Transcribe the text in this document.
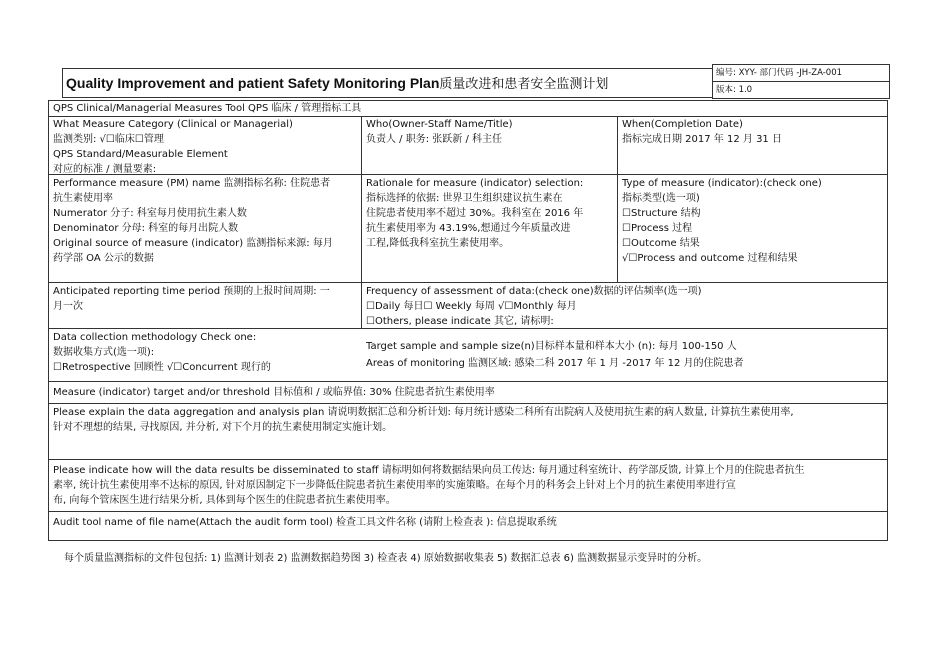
Quality Improvement and patient Safety Monitoring Plan质量改进和患者安全监测计划
编号: XYY- 部门代码 -JH-ZA-001
版本: 1.0
QPS Clinical/Managerial Measures Tool QPS 临床 / 管理指标工具
What Measure Category (Clinical or Managerial)
监测类别: √☐临床☐管理
QPS Standard/Measurable Element
对应的标准 / 测量要素:
Who(Owner-Staff Name/Title)
负责人 / 职务: 张跃新 / 科主任
When(Completion Date)
指标完成日期 2017 年 12 月 31 日
Performance measure (PM) name 监测指标名称: 住院患者
抗生素使用率
Numerator 分子: 科室每月使用抗生素人数
Denominator 分母: 科室的每月出院人数
Original source of measure (indicator) 监测指标来源: 每月
药学部 OA 公示的数据
Rationale for measure (indicator) selection:
指标选择的依据: 世界卫生组织建议抗生素在
住院患者使用率不超过 30%。我科室在 2016 年
抗生素使用率为 43.19%,想通过今年质量改进
工程,降低我科室抗生素使用率。
Type of measure (indicator):(check one)
指标类型(选一项)
☐Structure 结构
☐Process 过程
☐Outcome 结果
√☐Process and outcome 过程和结果
Anticipated reporting time period 预期的上报时间周期: 一
月一次
Frequency of assessment of data:(check one)数据的评估频率(选一项)
☐Daily 每日☐ Weekly 每周 √☐Monthly 每月
☐Others, please indicate 其它, 请标明:
Data collection methodology Check one:
数据收集方式(选一项):
☐Retrospective 回顾性 √☐Concurrent 现行的
Target sample and sample size(n)目标样本量和样本大小 (n): 每月 100-150 人
Areas of monitoring 监测区域: 感染二科 2017 年 1 月 -2017 年 12 月的住院患者
Measure (indicator) target and/or threshold 目标值和 / 或临界值: 30% 住院患者抗生素使用率
Please explain the data aggregation and analysis plan 请说明数据汇总和分析计划: 每月统计感染二科所有出院病人及使用抗生素的病人数量, 计算抗生素使用率,
针对不理想的结果, 寻找原因, 并分析, 对下个月的抗生素使用制定实施计划。
Please indicate how will the data results be disseminated to staff 请标明如何将数据结果向员工传达: 每月通过科室统计、药学部反馈, 计算上个月的住院患者抗生
素率, 统计抗生素使用率不达标的原因, 针对原因制定下一步降低住院患者抗生素使用率的实施策略。在每个月的科务会上针对上个月的抗生素使用率进行宣
布, 向每个管床医生进行结果分析, 具体到每个医生的住院患者抗生素使用率。
Audit tool name of file name(Attach the audit form tool) 检查工具文件名称 (请附上检查表 ): 信息提取系统
每个质量监测指标的文件包包括: 1) 监测计划表 2) 监测数据趋势图 3) 检查表 4) 原始数据收集表 5) 数据汇总表 6) 监测数据显示变异时的分析。
